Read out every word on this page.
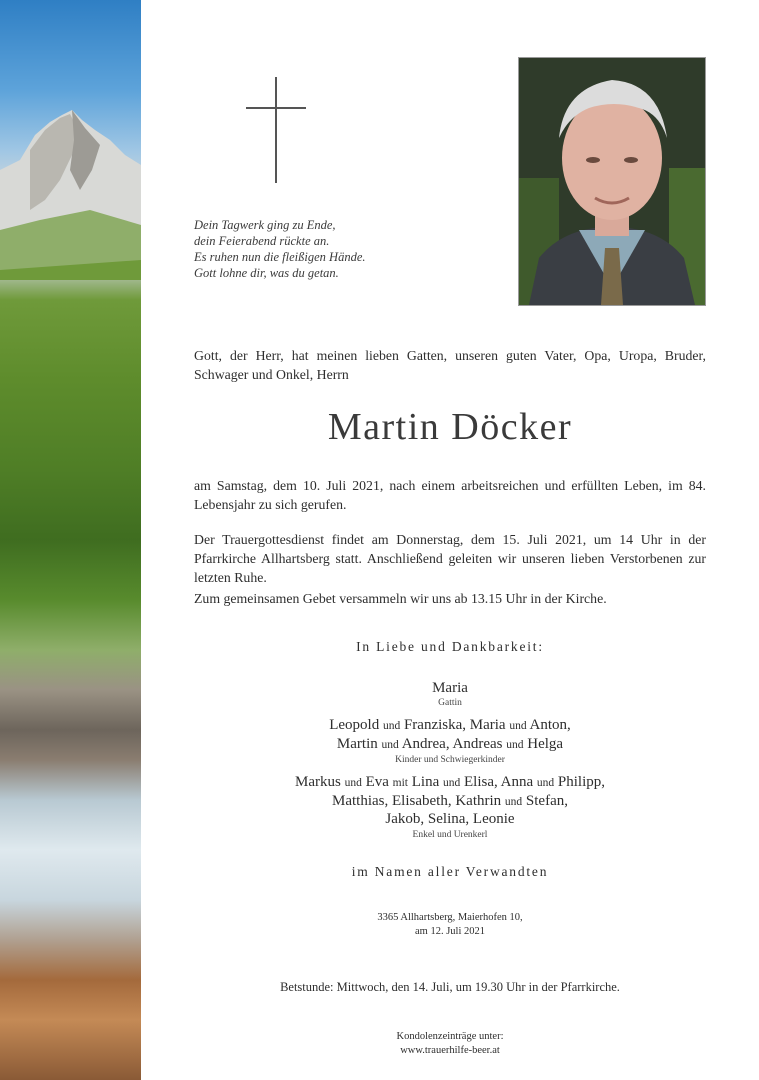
Dein Tagwerk ging zu Ende,
dein Feierabend rückte an.
Es ruhen nun die fleißigen Hände.
Gott lohne dir, was du getan.
Gott, der Herr, hat meinen lieben Gatten, unseren guten Vater, Opa, Uropa, Bruder, Schwager und Onkel, Herrn
Martin Döcker
am Samstag, dem 10. Juli 2021, nach einem arbeitsreichen und erfüllten Leben, im 84. Lebensjahr zu sich gerufen.
Der Trauergottesdienst findet am Donnerstag, dem 15. Juli 2021, um 14 Uhr in der Pfarrkirche Allhartsberg statt. Anschließend geleiten wir unseren lieben Verstorbenen zur letzten Ruhe.
Zum gemeinsamen Gebet versammeln wir uns ab 13.15 Uhr in der Kirche.
In Liebe und Dankbarkeit:
Maria
Gattin
Leopold und Franziska, Maria und Anton,
Martin und Andrea, Andreas und Helga
Kinder und Schwiegerkinder
Markus und Eva mit Lina und Elisa, Anna und Philipp,
Matthias, Elisabeth, Kathrin und Stefan,
Jakob, Selina, Leonie
Enkel und Urenkerl
im Namen aller Verwandten
3365 Allhartsberg, Maierhofen 10,
am 12. Juli 2021
Betstunde: Mittwoch, den 14. Juli, um 19.30 Uhr in der Pfarrkirche.
Kondolenzeinträge unter:
www.trauerhilfe-beer.at
